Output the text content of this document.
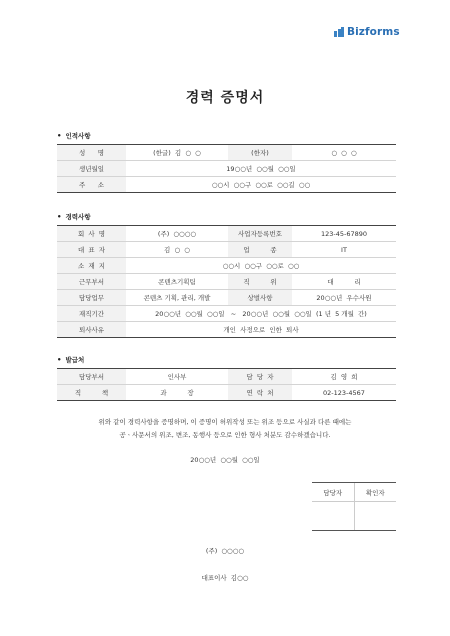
Bizforms
경력 증명서
• 인적사항
성      명	(한글)  김  ○  ○	(한자)	○  ○  ○
생년월일	19○○년  ○○월  ○○일		
주      소	○○시  ○○구  ○○로  ○○길  ○○		
• 경력사항
회  사  명	(주)  ○○○○	사업자등록번호	123-45-67890
대  표  자	김  ○  ○	업          종	IT
소  재  지	○○시  ○○구  ○○로  ○○		
근무부서	콘텐츠기획팀	직          위	대          리
담당업무	콘텐츠 기획, 관리, 개발	상벌사항	20○○년  우수사원
재직기간	20○○년  ○○월  ○○일   ~   20○○년  ○○월  ○○일  (1 년  5 개월  간)		
퇴사사유	개인  사정으로  인한  퇴사		
• 발급처
담당부서	인사부	담  당  자	김  영  희
직          책	과          장	연  락  처	02-123-4567
위와 같이 경력사항을 증명하며, 이 증명이 허위작성 또는 위조 등으로 사실과 다른 때에는
공ㆍ사문서의 위조, 변조, 동행사 등으로 인한 형사 처분도 감수하겠습니다.
20○○년  ○○월  ○○일
담당자	확인자

(주)  ○○○○
대표이사  김○○
